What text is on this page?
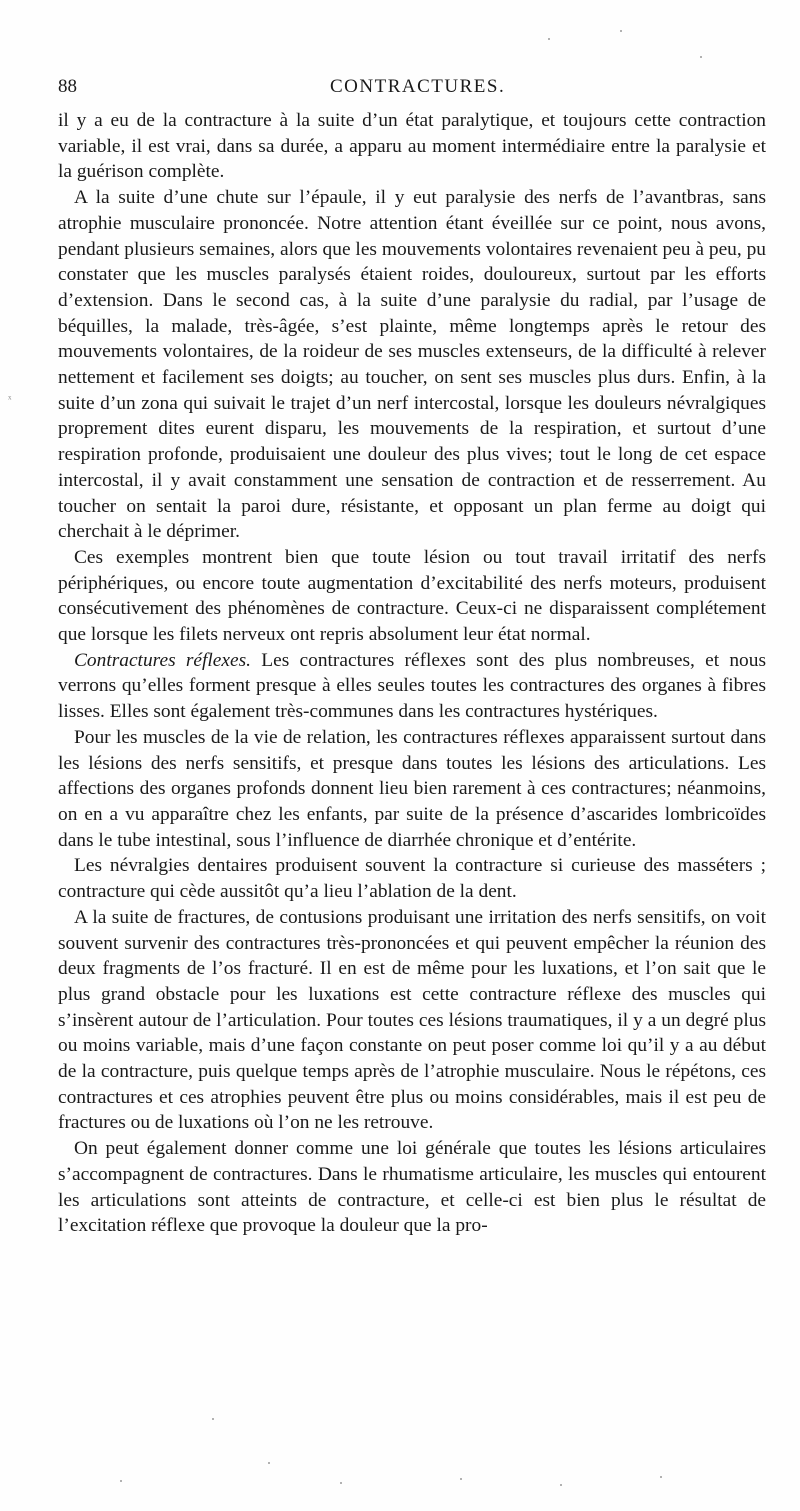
88	CONTRACTURES.

il y a eu de la contracture à la suite d’un état paralytique, et toujours cette contraction variable, il est vrai, dans sa durée, a apparu au moment intermédiaire entre la paralysie et la guérison complète.

A la suite d’une chute sur l’épaule, il y eut paralysie des nerfs de l’avantbras, sans atrophie musculaire prononcée. Notre attention étant éveillée sur ce point, nous avons, pendant plusieurs semaines, alors que les mouvements volontaires revenaient peu à peu, pu constater que les muscles paralysés étaient roides, douloureux, surtout par les efforts d’extension. Dans le second cas, à la suite d’une paralysie du radial, par l’usage de béquilles, la malade, très-âgée, s’est plainte, même longtemps après le retour des mouvements volontaires, de la roideur de ses muscles extenseurs, de la difficulté à relever nettement et facilement ses doigts; au toucher, on sent ses muscles plus durs. Enfin, à la suite d’un zona qui suivait le trajet d’un nerf intercostal, lorsque les douleurs névralgiques proprement dites eurent disparu, les mouvements de la respiration, et surtout d’une respiration profonde, produisaient une douleur des plus vives; tout le long de cet espace intercostal, il y avait constamment une sensation de contraction et de resserrement. Au toucher on sentait la paroi dure, résistante, et opposant un plan ferme au doigt qui cherchait à le déprimer.

Ces exemples montrent bien que toute lésion ou tout travail irritatif des nerfs périphériques, ou encore toute augmentation d’excitabilité des nerfs moteurs, produisent consécutivement des phénomènes de contracture. Ceux-ci ne disparaissent complétement que lorsque les filets nerveux ont repris absolument leur état normal.

Contractures réflexes. Les contractures réflexes sont des plus nombreuses, et nous verrons qu’elles forment presque à elles seules toutes les contractures des organes à fibres lisses. Elles sont également très-communes dans les contractures hystériques.

Pour les muscles de la vie de relation, les contractures réflexes apparaissent surtout dans les lésions des nerfs sensitifs, et presque dans toutes les lésions des articulations. Les affections des organes profonds donnent lieu bien rarement à ces contractures; néanmoins, on en a vu apparaître chez les enfants, par suite de la présence d’ascarides lombricoïdes dans le tube intestinal, sous l’influence de diarrhée chronique et d’entérite.

Les névralgies dentaires produisent souvent la contracture si curieuse des masséters ; contracture qui cède aussitôt qu’a lieu l’ablation de la dent.

A la suite de fractures, de contusions produisant une irritation des nerfs sensitifs, on voit souvent survenir des contractures très-prononcées et qui peuvent empêcher la réunion des deux fragments de l’os fracturé. Il en est de même pour les luxations, et l’on sait que le plus grand obstacle pour les luxations est cette contracture réflexe des muscles qui s’insèrent autour de l’articulation. Pour toutes ces lésions traumatiques, il y a un degré plus ou moins variable, mais d’une façon constante on peut poser comme loi qu’il y a au début de la contracture, puis quelque temps après de l’atrophie musculaire. Nous le répétons, ces contractures et ces atrophies peuvent être plus ou moins considérables, mais il est peu de fractures ou de luxations où l’on ne les retrouve.

On peut également donner comme une loi générale que toutes les lésions articulaires s’accompagnent de contractures. Dans le rhumatisme articulaire, les muscles qui entourent les articulations sont atteints de contracture, et celle-ci est bien plus le résultat de l’excitation réflexe que provoque la douleur que la pro-

ˣ
